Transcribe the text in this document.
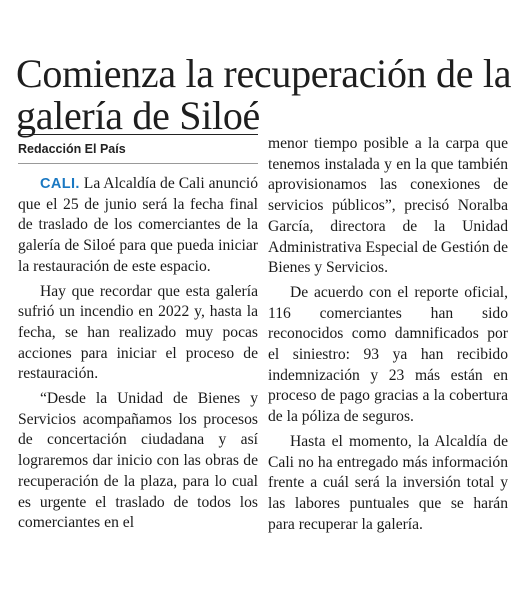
Comienza la recuperación de la galería de Siloé
Redacción El País

CALI. La Alcaldía de Cali anunció que el 25 de junio será la fecha final de traslado de los comerciantes de la galería de Siloé para que pueda iniciar la restauración de este espacio.

Hay que recordar que esta galería sufrió un incendio en 2022 y, hasta la fecha, se han realizado muy pocas acciones para iniciar el proceso de restauración.

“Desde la Unidad de Bienes y Servicios acompañamos los procesos de concertación ciudadana y así lograremos dar inicio con las obras de recuperación de la plaza, para lo cual es urgente el traslado de todos los comerciantes en el

menor tiempo posible a la carpa que tenemos instalada y en la que también aprovisionamos las conexiones de servicios públicos”, precisó Noralba García, directora de la Unidad Administrativa Especial de Gestión de Bienes y Servicios.

De acuerdo con el reporte oficial, 116 comerciantes han sido reconocidos como damnificados por el siniestro: 93 ya han recibido indemnización y 23 más están en proceso de pago gracias a la cobertura de la póliza de seguros.

Hasta el momento, la Alcaldía de Cali no ha entregado más información frente a cuál será la inversión total y las labores puntuales que se harán para recuperar la galería.
